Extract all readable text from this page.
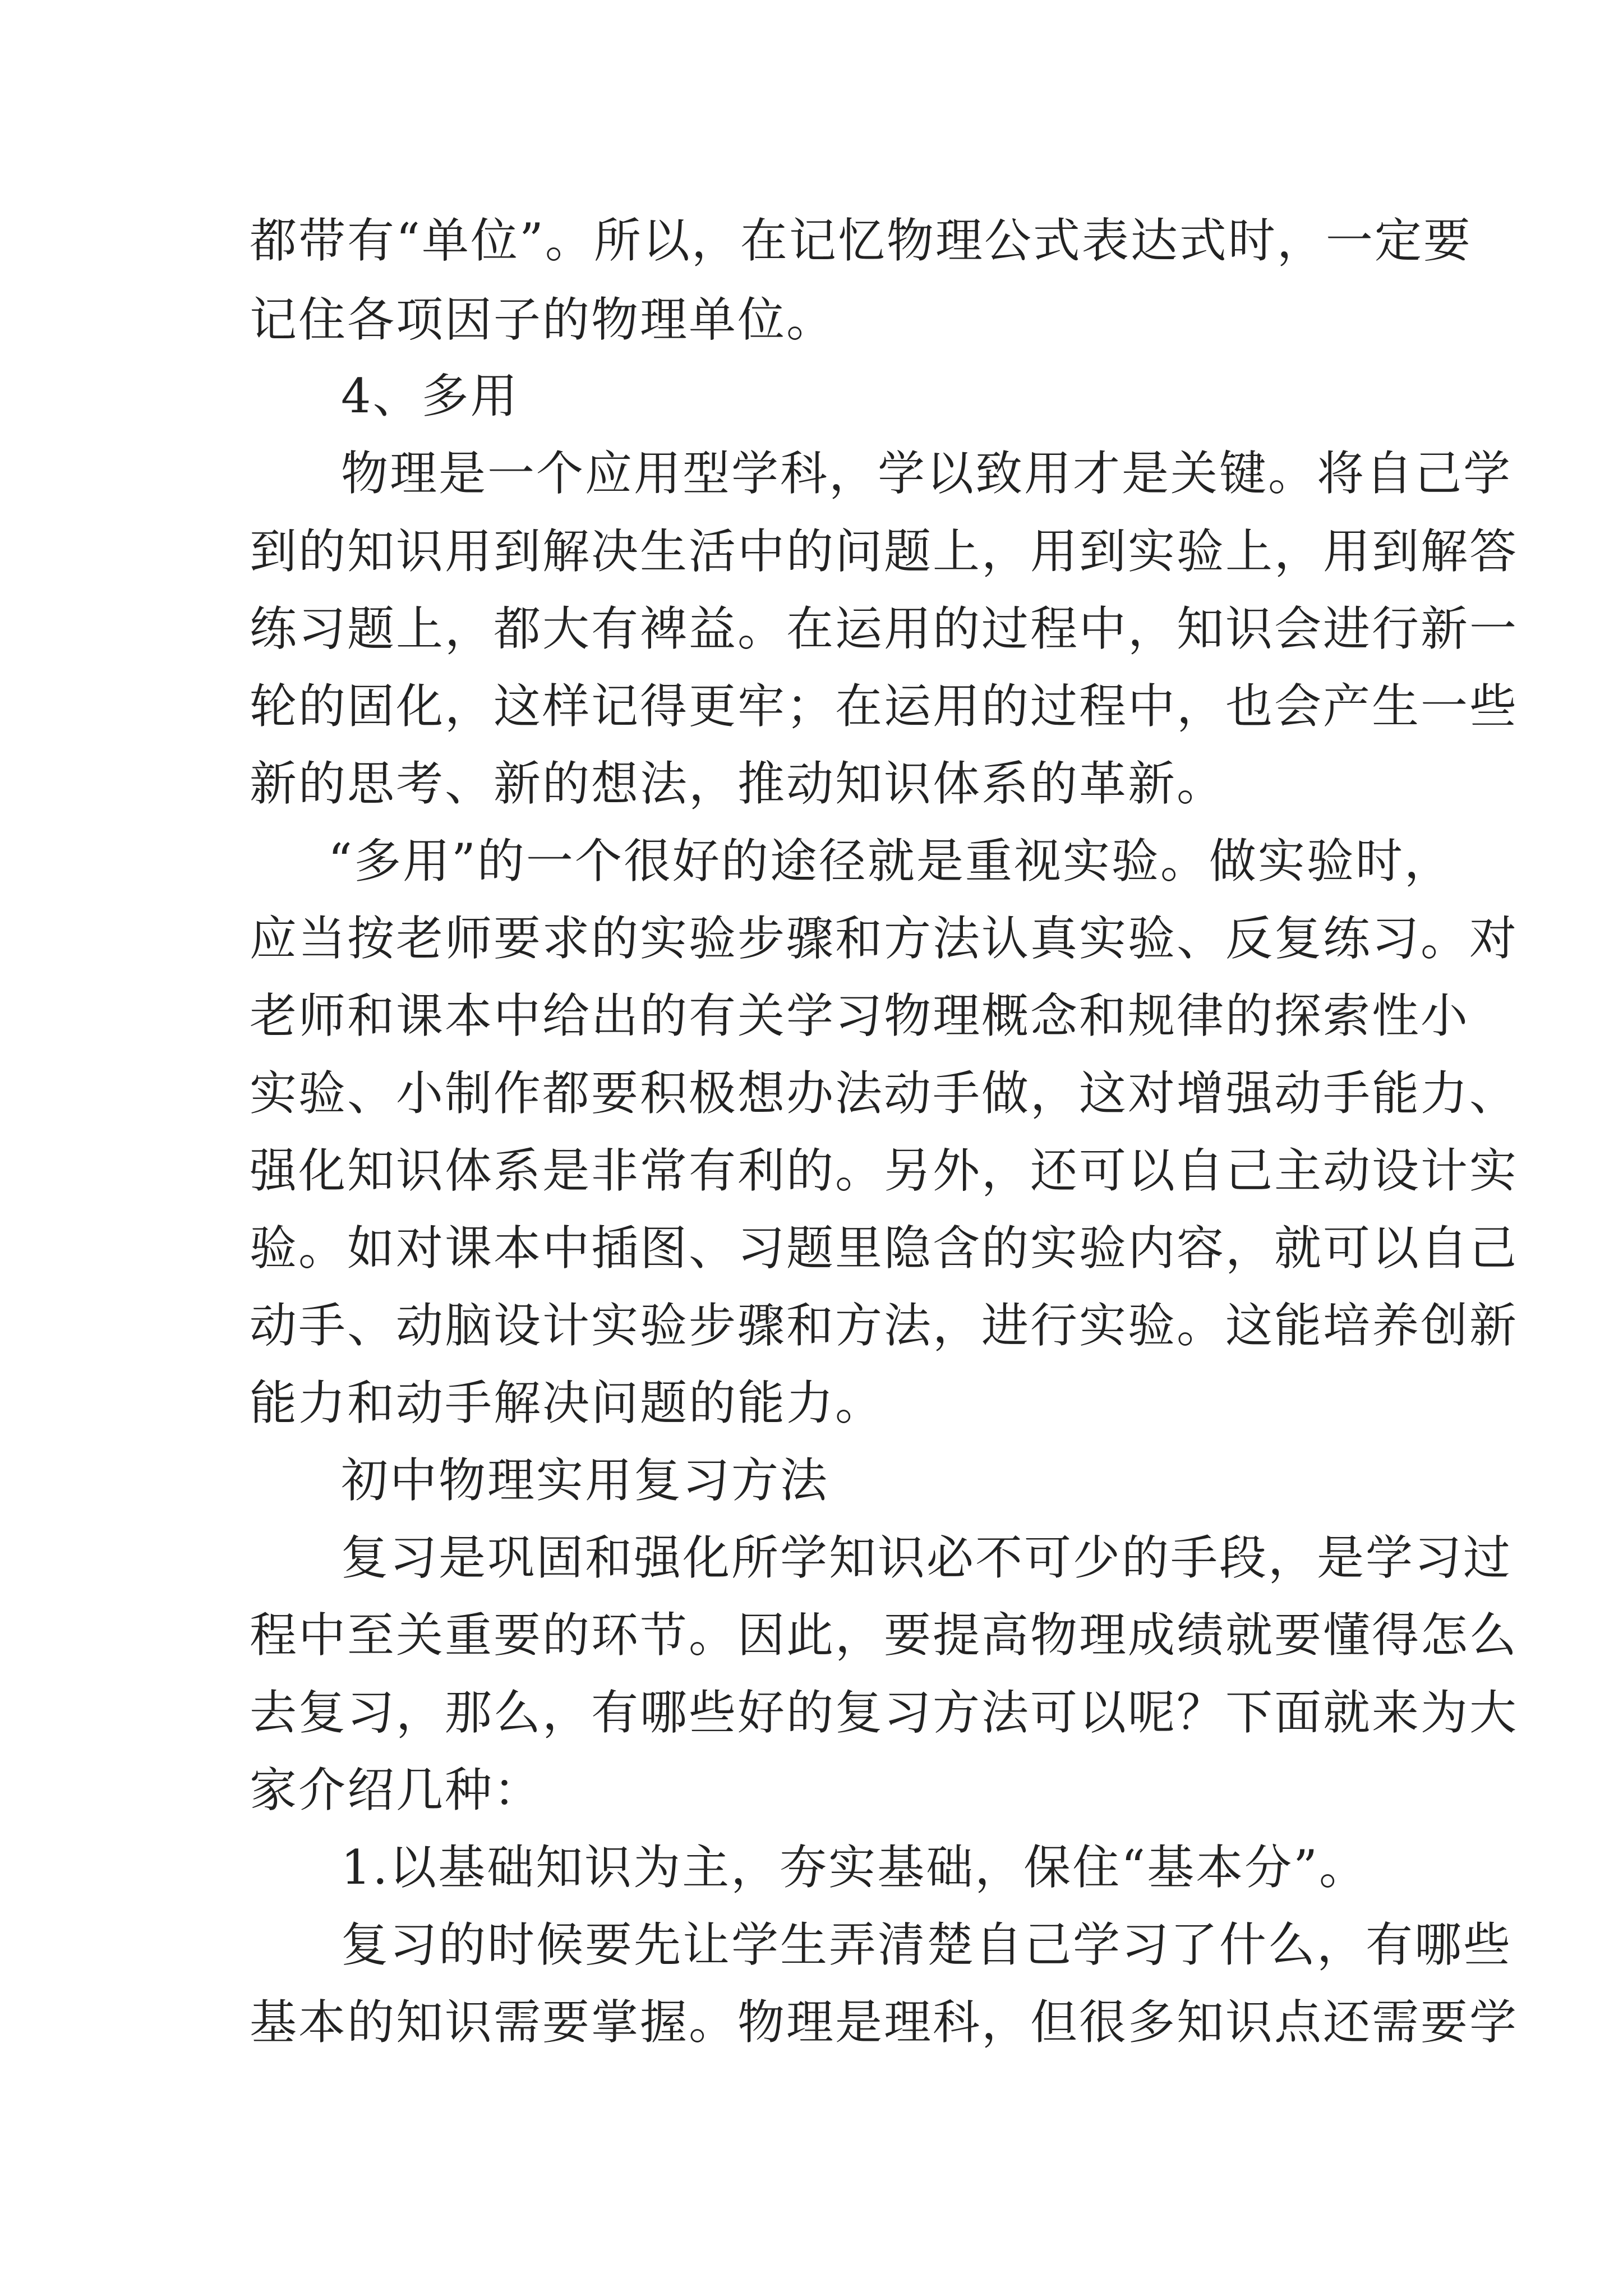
都带有“单位”。所以，在记忆物理公式表达式时，一定要
记住各项因子的物理单位。
4、多用
物理是一个应用型学科，学以致用才是关键。将自己学
到的知识用到解决生活中的问题上，用到实验上，用到解答
练习题上，都大有裨益。在运用的过程中，知识会进行新一
轮的固化，这样记得更牢；在运用的过程中，也会产生一些
新的思考、新的想法，推动知识体系的革新。
“多用”的一个很好的途径就是重视实验。做实验时，
应当按老师要求的实验步骤和方法认真实验、反复练习。对
老师和课本中给出的有关学习物理概念和规律的探索性小
实验、小制作都要积极想办法动手做，这对增强动手能力、
强化知识体系是非常有利的。另外，还可以自己主动设计实
验。如对课本中插图、习题里隐含的实验内容，就可以自己
动手、动脑设计实验步骤和方法，进行实验。这能培养创新
能力和动手解决问题的能力。
初中物理实用复习方法
复习是巩固和强化所学知识必不可少的手段，是学习过
程中至关重要的环节。因此，要提高物理成绩就要懂得怎么
去复习，那么，有哪些好的复习方法可以呢？下面就来为大
家介绍几种：
1.以基础知识为主，夯实基础，保住“基本分”。
复习的时候要先让学生弄清楚自己学习了什么，有哪些
基本的知识需要掌握。物理是理科，但很多知识点还需要学
